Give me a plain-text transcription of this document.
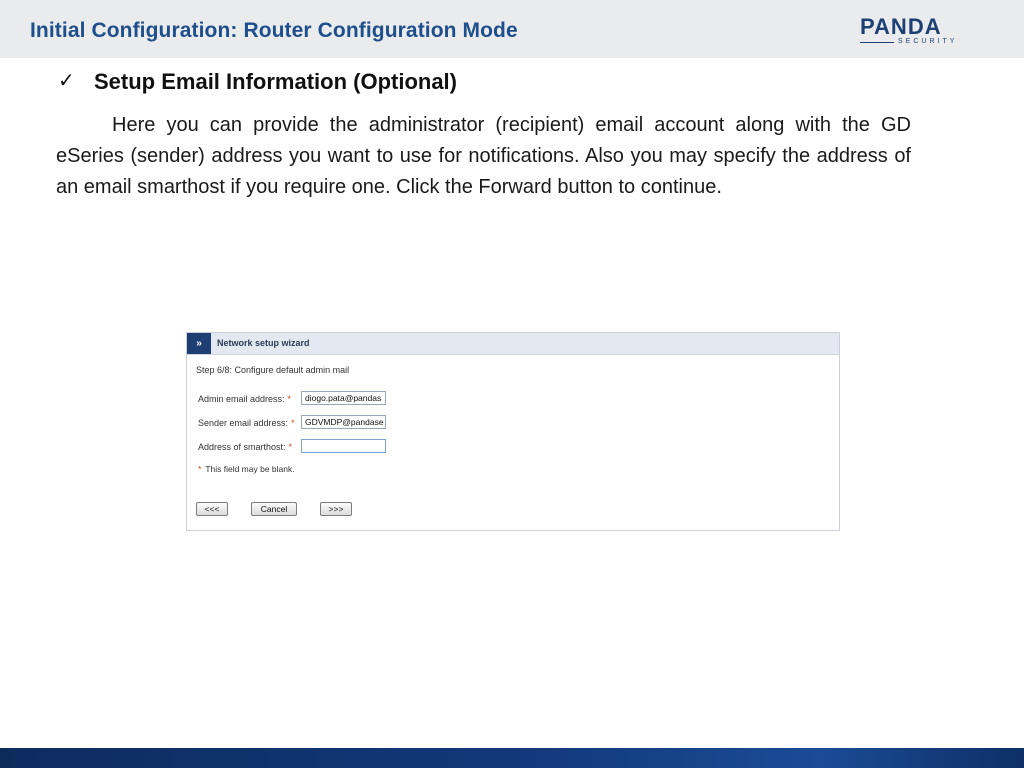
Initial Configuration: Router Configuration Mode	PANDA
SECURITY
✓ Setup Email Information (Optional)
Here you can provide the administrator (recipient) email account along with the GD eSeries (sender) address you want to use for notifications. Also you may specify the address of an email smarthost if you require one. Click the Forward button to continue.
»	Network setup wizard
Step 6/8: Configure default admin mail
Admin email address: *	diogo.pata@pandas
Sender email address: *	GDVMDP@pandase
Address of smarthost: *
* This field may be blank.
<<<	Cancel	>>>
